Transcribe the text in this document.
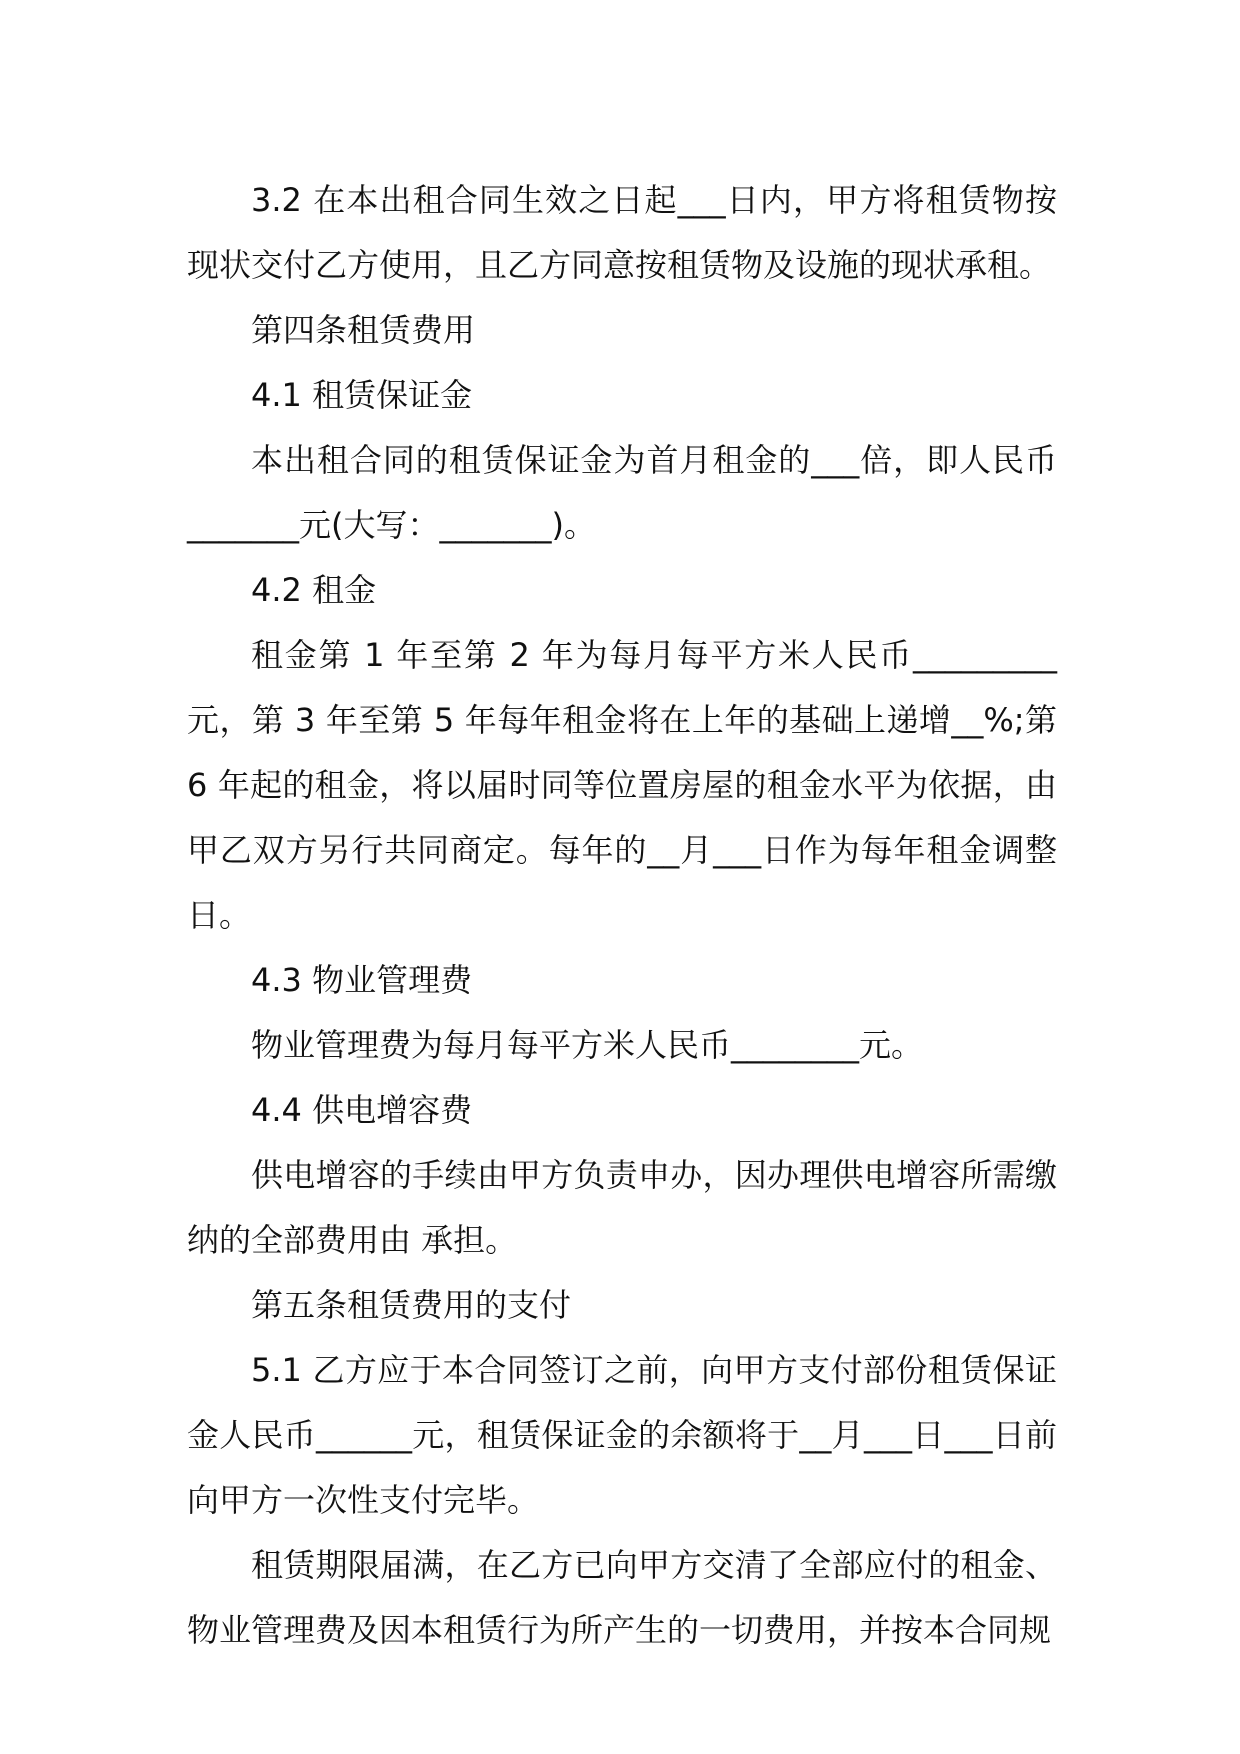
3.2 在本出租合同生效之日起___日内，甲方将租赁物按现状交付乙方使用，且乙方同意按租赁物及设施的现状承租。

第四条租赁费用

4.1 租赁保证金

本出租合同的租赁保证金为首月租金的___倍，即人民币_______元(大写：_______)。

4.2 租金

租金第 1 年至第 2 年为每月每平方米人民币_________元，第 3 年至第 5 年每年租金将在上年的基础上递增__%;第 6 年起的租金，将以届时同等位置房屋的租金水平为依据，由甲乙双方另行共同商定。每年的__月___日作为每年租金调整日。

4.3 物业管理费

物业管理费为每月每平方米人民币________元。

4.4 供电增容费

供电增容的手续由甲方负责申办，因办理供电增容所需缴纳的全部费用由 承担。

第五条租赁费用的支付

5.1 乙方应于本合同签订之前，向甲方支付部份租赁保证金人民币______元，租赁保证金的余额将于__月___日___日前向甲方一次性支付完毕。

租赁期限届满，在乙方已向甲方交清了全部应付的租金、物业管理费及因本租赁行为所产生的一切费用，并按本合同规
